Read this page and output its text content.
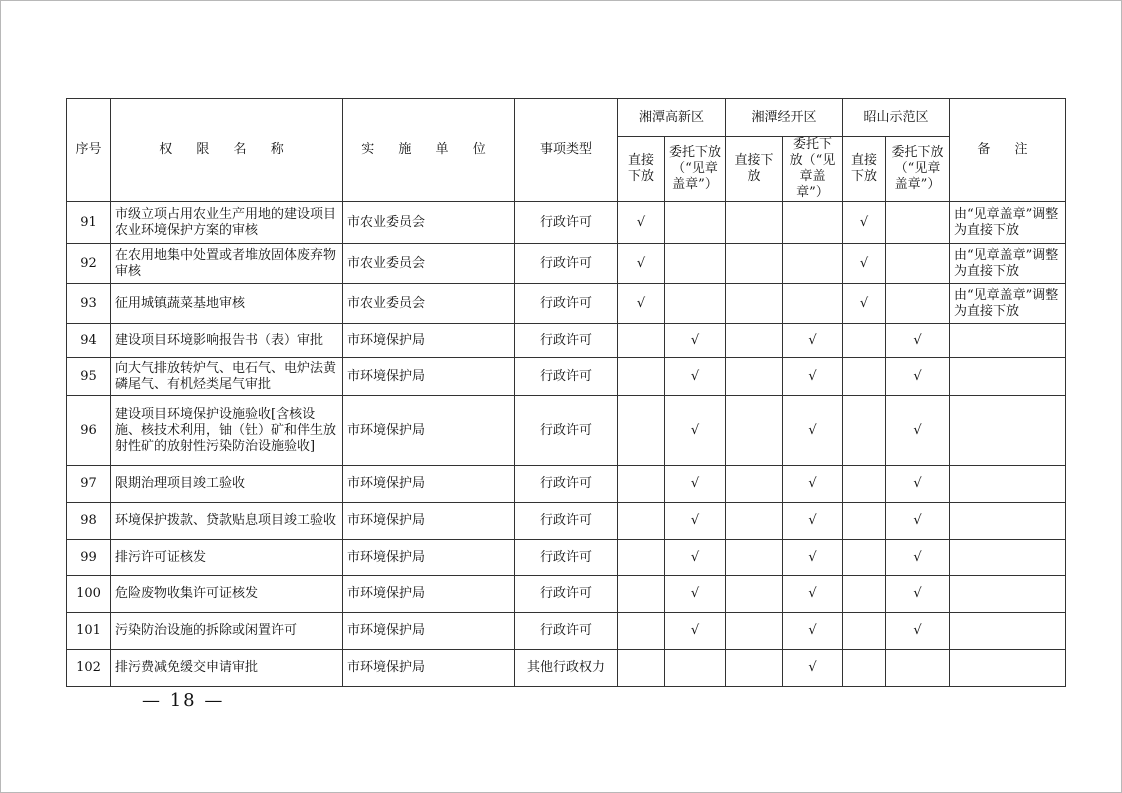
序号	权 限 名 称	实 施 单 位	事项类型	湘潭高新区		湘潭经开区		昭山示范区		备 注
				直接下放	委托下放（“见章盖章”）	直接下放	委托下放（“见章盖章”）	直接下放	委托下放（“见章盖章”）	
91	市级立项占用农业生产用地的建设项目农业环境保护方案的审核	市农业委员会	行政许可	√				√		由“见章盖章”调整为直接下放
92	在农用地集中处置或者堆放固体废弃物审核	市农业委员会	行政许可	√				√		由“见章盖章”调整为直接下放
93	征用城镇蔬菜基地审核	市农业委员会	行政许可	√				√		由“见章盖章”调整为直接下放
94	建设项目环境影响报告书（表）审批	市环境保护局	行政许可		√		√		√	
95	向大气排放转炉气、电石气、电炉法黄磷尾气、有机烃类尾气审批	市环境保护局	行政许可		√		√		√	
96	建设项目环境保护设施验收[含核设施、核技术利用，铀（钍）矿和伴生放射性矿的放射性污染防治设施验收]	市环境保护局	行政许可		√		√		√	
97	限期治理项目竣工验收	市环境保护局	行政许可		√		√		√	
98	环境保护拨款、贷款贴息项目竣工验收	市环境保护局	行政许可		√		√		√	
99	排污许可证核发	市环境保护局	行政许可		√		√		√	
100	危险废物收集许可证核发	市环境保护局	行政许可		√		√		√	
101	污染防治设施的拆除或闲置许可	市环境保护局	行政许可		√		√		√	
102	排污费减免缓交申请审批	市环境保护局	其他行政权力				√			
— 18 —
